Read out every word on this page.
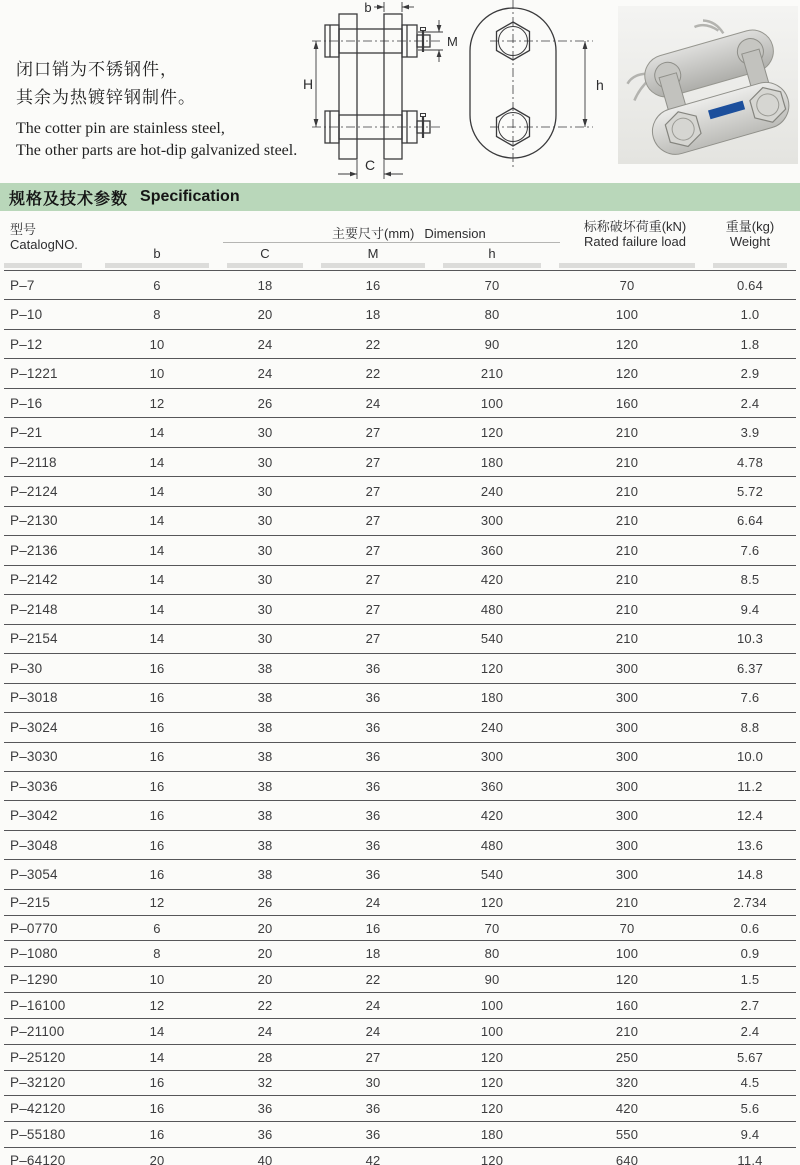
闭口销为不锈钢件，
其余为热镀锌钢制件。
The cotter pin are stainless steel,
The other parts are hot-dip galvanized steel.
b
M
H
C
h
规格及技术参数 Specification
型号
CatalogNO.
主要尺寸(mm) Dimension	标称破坏荷重(kN)
Rated failure load
重量(kg)
Weight
b	C	M	h
P–7	6	18	16	70	70	0.64
P–10	8	20	18	80	100	1.0
P–12	10	24	22	90	120	1.8
P–1221	10	24	22	210	120	2.9
P–16	12	26	24	100	160	2.4
P–21	14	30	27	120	210	3.9
P–2118	14	30	27	180	210	4.78
P–2124	14	30	27	240	210	5.72
P–2130	14	30	27	300	210	6.64
P–2136	14	30	27	360	210	7.6
P–2142	14	30	27	420	210	8.5
P–2148	14	30	27	480	210	9.4
P–2154	14	30	27	540	210	10.3
P–30	16	38	36	120	300	6.37
P–3018	16	38	36	180	300	7.6
P–3024	16	38	36	240	300	8.8
P–3030	16	38	36	300	300	10.0
P–3036	16	38	36	360	300	11.2
P–3042	16	38	36	420	300	12.4
P–3048	16	38	36	480	300	13.6
P–3054	16	38	36	540	300	14.8
P–215	12	26	24	120	210	2.734
P–0770	6	20	16	70	70	0.6
P–1080	8	20	18	80	100	0.9
P–1290	10	20	22	90	120	1.5
P–16100	12	22	24	100	160	2.7
P–21100	14	24	24	100	210	2.4
P–25120	14	28	27	120	250	5.67
P–32120	16	32	30	120	320	4.5
P–42120	16	36	36	120	420	5.6
P–55180	16	36	36	180	550	9.4
P–64120	20	40	42	120	640	11.4
